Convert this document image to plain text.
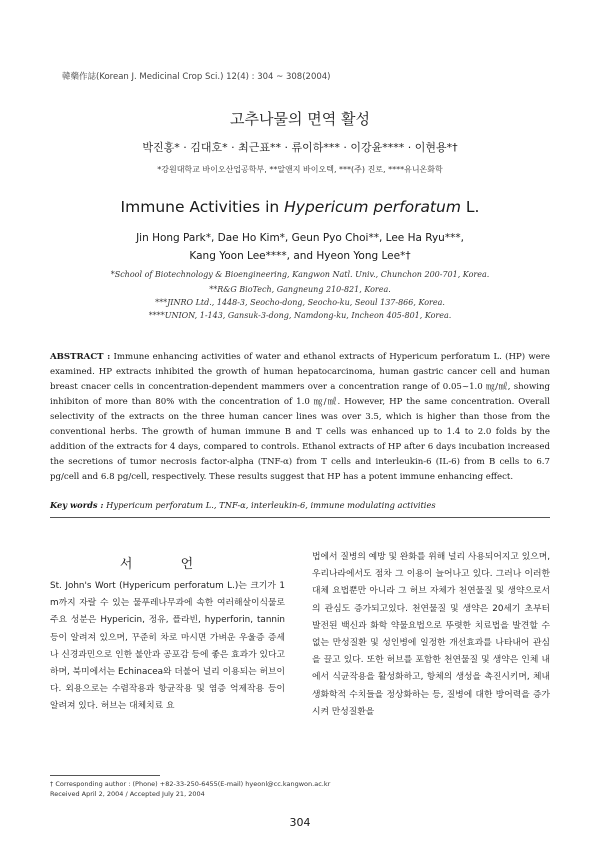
韓藥作誌(Korean J. Medicinal Crop Sci.) 12(4) : 304 ~ 308(2004)
고추나물의 면역 활성
박진홍* · 김대호* · 최근표** · 류이하*** · 이강윤**** · 이현용*†
*강원대학교 바이오산업공학부, **알앤지 바이오텍, ***(주) 진로, ****유니온화학
Immune Activities in Hypericum perforatum L.
Jin Hong Park*, Dae Ho Kim*, Geun Pyo Choi**, Lee Ha Ryu***,
Kang Yoon Lee****, and Hyeon Yong Lee*†
*School of Biotechnology & Bioengineering, Kangwon Natl. Univ., Chunchon 200-701, Korea.
**R&G BioTech, Gangneung 210-821, Korea.
***JINRO Ltd., 1448-3, Seocho-dong, Seocho-ku, Seoul 137-866, Korea.
****UNION, 1-143, Gansuk-3-dong, Namdong-ku, Incheon 405-801, Korea.
ABSTRACT : Immune enhancing activities of water and ethanol extracts of Hypericum perforatum L. (HP) were examined. HP extracts inhibited the growth of human hepatocarcinoma, human gastric cancer cell and human breast cnacer cells in concentration-dependent mammers over a concentration range of 0.05~1.0 ㎎/㎖, showing inhibiton of more than 80% with the concentration of 1.0 ㎎/㎖. However, HP the same concentration. Overall selectivity of the extracts on the three human cancer lines was over 3.5, which is higher than those from the conventional herbs. The growth of human immune B and T cells was enhanced up to 1.4 to 2.0 folds by the addition of the extracts for 4 days, compared to controls. Ethanol extracts of HP after 6 days incubation increased the secretions of tumor necrosis factor-alpha (TNF-α) from T cells and interleukin-6 (IL-6) from B cells to 6.7 pg/cell and 6.8 pg/cell, respectively. These results suggest that HP has a potent immune enhancing effect.
Key words : Hypericum perforatum L., TNF-α, interleukin-6, immune modulating activities
서 언

St. John's Wort (Hypericum perforatum L.)는 크기가 1 m까지 자랄 수 있는 물푸레나무과에 속한 여러해살이식물로 주요 성분은 Hypericin, 정유, 플라빈, hyperforin, tannin 등이 알려져 있으며, 꾸준히 차로 마시면 가벼운 우울증 증세나 신경과민으로 인한 불안과 공포감 등에 좋은 효과가 있다고 하며, 북미에서는 Echinacea와 더불어 널리 이용되는 허브이다. 외용으로는 수렴작용과 항균작용 및 염증 억제작용 등이 알려져 있다. 허브는 대체치료 요

법에서 질병의 예방 및 완화를 위해 널리 사용되어지고 있으며, 우리나라에서도 점차 그 이용이 늘어나고 있다. 그러나 이러한 대체 요법뿐만 아니라 그 허브 자체가 천연물질 및 생약으로서의 관심도 증가되고있다. 천연물질 및 생약은 20세기 초부터 발전된 백신과 화학 약물요법으로 뚜렷한 치료법을 발견할 수 없는 만성질환 및 성인병에 일정한 개선효과를 나타내어 관심을 끌고 있다. 또한 허브를 포함한 천연물질 및 생약은 인체 내에서 식균작용을 활성화하고, 항체의 생성을 촉진시키며, 체내 생화학적 수치들을 정상화하는 등, 질병에 대한 방어력을 증가시켜 만성질환을

† Corresponding author : (Phone) +82-33-250-6455(E-mail) hyeonl@cc.kangwon.ac.kr
Received April 2, 2004 / Accepted July 21, 2004
304
